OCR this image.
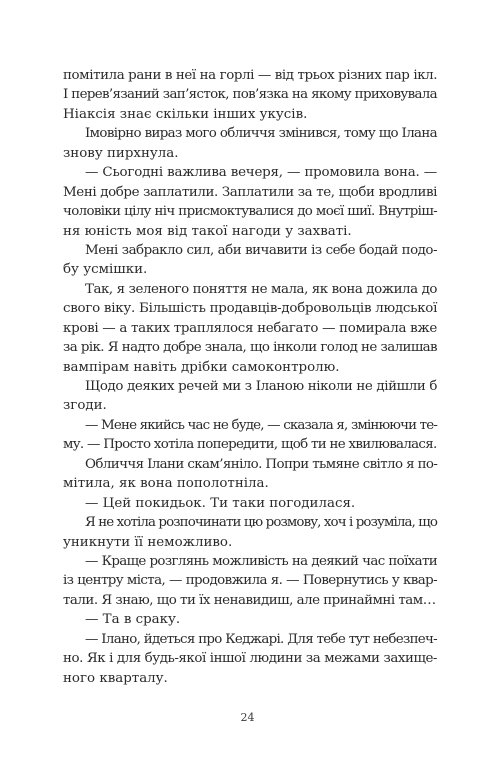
помітила рани в неї на горлі — від трьох різних пар ікл.
І перев’язаний зап’ясток, пов’язка на якому приховувала
Ніаксія знає скільки інших укусів.
Імовірно вираз мого обличчя змінився, тому що Ілана
знову пирхнула.
— Сьогодні важлива вечеря, — промовила вона. —
Мені добре заплатили. Заплатили за те, щоби вродливі
чоловіки цілу ніч присмоктувалися до моєї шиї. Внутріш-
ня юність моя від такої нагоди у захваті.
Мені забракло сил, аби вичавити із себе бодай подо-
бу усмішки.
Так, я зеленого поняття не мала, як вона дожила до
свого віку. Більшість продавців-добровольців людської
крові — а таких траплялося небагато — помирала вже
за рік. Я надто добре знала, що інколи голод не залишав
вампірам навіть дрібки самоконтролю.
Щодо деяких речей ми з Іланою ніколи не дійшли б
згоди.
— Мене якийсь час не буде, — сказала я, змінюючи те-
му. — Просто хотіла попередити, щоб ти не хвилювалася.
Обличчя Ілани скам’яніло. Попри тьмяне світло я по-
мітила, як вона пополотніла.
— Цей покидьок. Ти таки погодилася.
Я не хотіла розпочинати цю розмову, хоч і розуміла, що
уникнути її неможливо.
— Краще розглянь можливість на деякий час поїхати
із центру міста, — продовжила я. — Повернутись у квар-
тали. Я знаю, що ти їх ненавидиш, але принаймні там…
— Та в сраку.
— Ілано, йдеться про Кеджарі. Для тебе тут небезпеч-
но. Як і для будь-якої іншої людини за межами захище-
ного кварталу.
24
